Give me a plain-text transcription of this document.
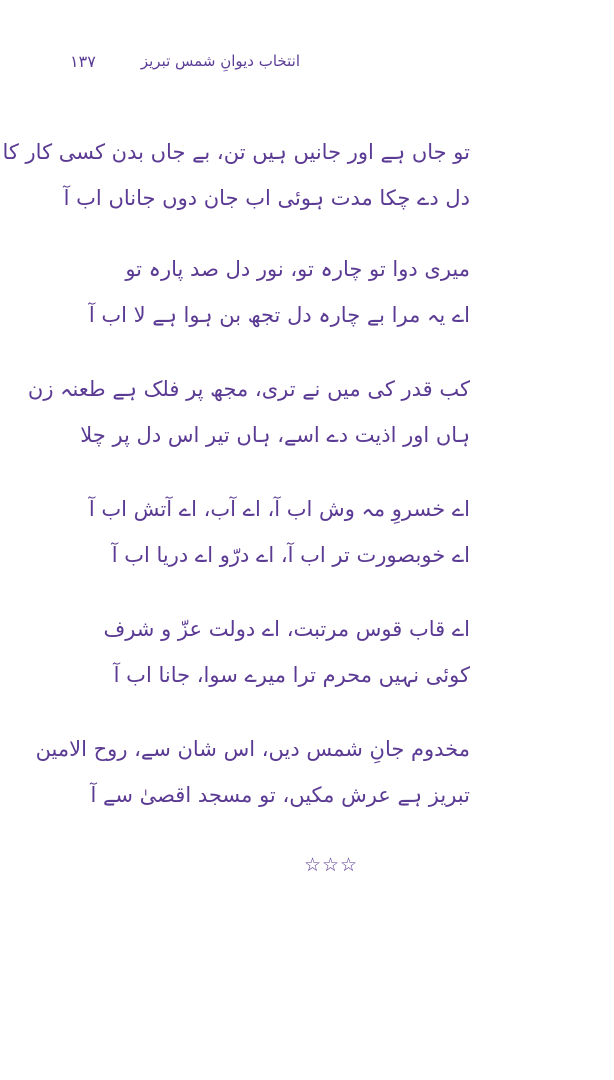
۱۳۷	انتخاب دیوانِ شمس تبریز
تو جاں ہے اور جانیں ہیں تن، بے جاں بدن کسی کار کا
دل دے چکا مدت ہوئی اب جان دوں جاناں اب آ
میری دوا تو چارہ تو، نور دل صد پارہ تو
اے یہ مرا بے چارہ دل تجھ بن ہوا ہے لا اب آ
کب قدر کی میں نے تری، مجھ پر فلک ہے طعنہ زن
ہاں اور اذیت دے اسے، ہاں تیر اس دل پر چلا
اے خسروِ مہ وش اب آ، اے آب، اے آتش اب آ
اے خوبصورت تر اب آ، اے درّو اے دریا اب آ
اے قاب قوس مرتبت، اے دولت عزّ و شرف
کوئی نہیں محرم ترا میرے سوا، جانا اب آ
مخدوم جانِ شمس دیں، اس شان سے، روح الامین
تبریز ہے عرش مکیں، تو مسجد اقصیٰ سے آ
☆☆☆
